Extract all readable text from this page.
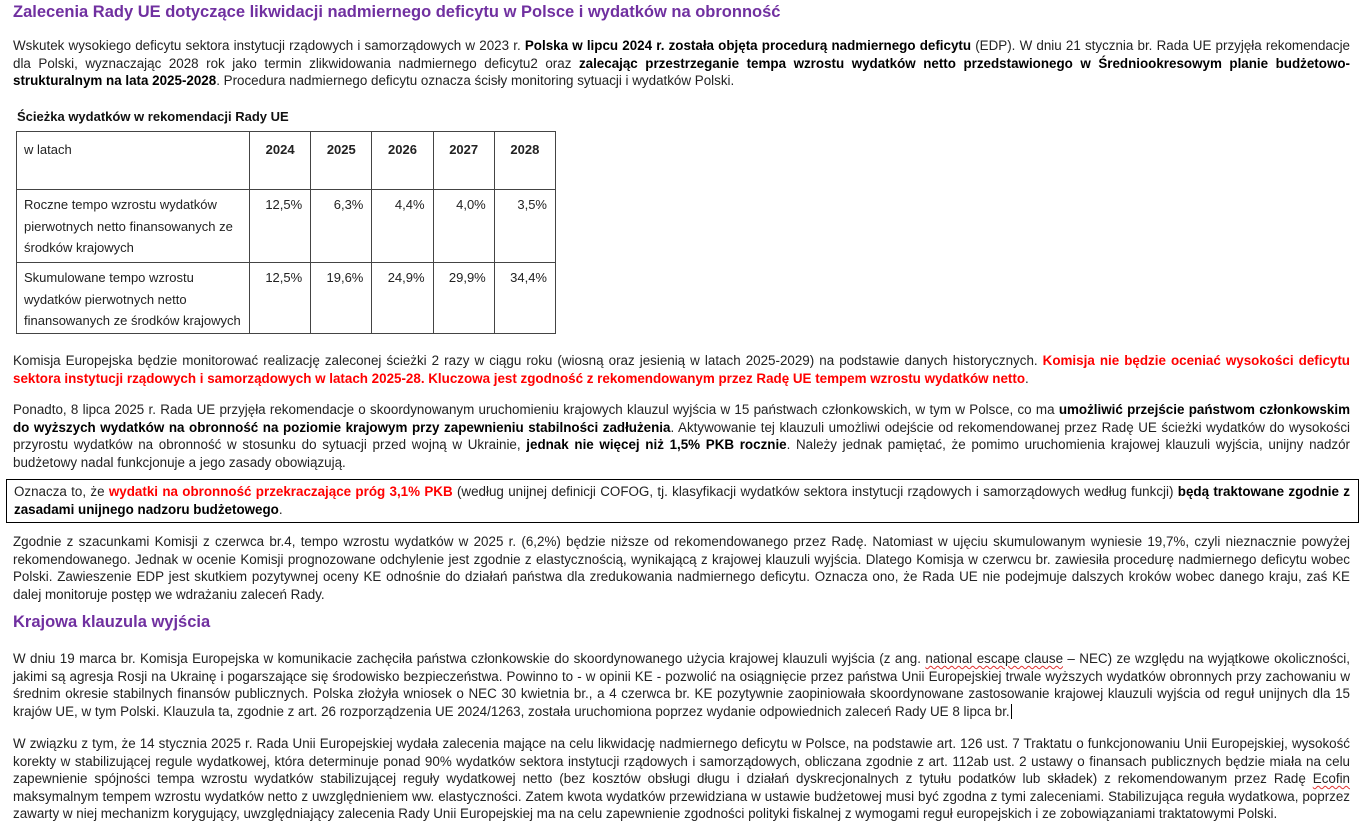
Zalecenia Rady UE dotyczące likwidacji nadmiernego deficytu w Polsce i wydatków na obronność

Wskutek wysokiego deficytu sektora instytucji rządowych i samorządowych w 2023 r. Polska w lipcu 2024 r. została objęta procedurą nadmiernego deficytu (EDP). W dniu 21 stycznia br. Rada UE przyjęła rekomendacje dla Polski, wyznaczając 2028 rok jako termin zlikwidowania nadmiernego deficytu2 oraz zalecając przestrzeganie tempa wzrostu wydatków netto przedstawionego w Średniookresowym planie budżetowo-strukturalnym na lata 2025-2028. Procedura nadmiernego deficytu oznacza ścisły monitoring sytuacji i wydatków Polski.

Ścieżka wydatków w rekomendacji Rady UE
w latach	2024	2025	2026	2027	2028

Roczne tempo wzrostu wydatków pierwotnych netto finansowanych ze środków krajowych	12,5%	6,3%	4,4%	4,0%	3,5%

Skumulowane tempo wzrostu wydatków pierwotnych netto finansowanych ze środków krajowych	12,5%	19,6%	24,9%	29,9%	34,4%

Komisja Europejska będzie monitorować realizację zaleconej ścieżki 2 razy w ciągu roku (wiosną oraz jesienią w latach 2025-2029) na podstawie danych historycznych. Komisja nie będzie oceniać wysokości deficytu sektora instytucji rządowych i samorządowych w latach 2025-28. Kluczowa jest zgodność z rekomendowanym przez Radę UE tempem wzrostu wydatków netto.

Ponadto, 8 lipca 2025 r. Rada UE przyjęła rekomendacje o skoordynowanym uruchomieniu krajowych klauzul wyjścia w 15 państwach członkowskich, w tym w Polsce, co ma umożliwić przejście państwom członkowskim do wyższych wydatków na obronność na poziomie krajowym przy zapewnieniu stabilności zadłużenia. Aktywowanie tej klauzuli umożliwi odejście od rekomendowanej przez Radę UE ścieżki wydatków do wysokości przyrostu wydatków na obronność w stosunku do sytuacji przed wojną w Ukrainie, jednak nie więcej niż 1,5% PKB rocznie. Należy jednak pamiętać, że pomimo uruchomienia krajowej klauzuli wyjścia, unijny nadzór budżetowy nadal funkcjonuje a jego zasady obowiązują.

Oznacza to, że wydatki na obronność przekraczające próg 3,1% PKB (według unijnej definicji COFOG, tj. klasyfikacji wydatków sektora instytucji rządowych i samorządowych według funkcji) będą traktowane zgodnie z zasadami unijnego nadzoru budżetowego.

Zgodnie z szacunkami Komisji z czerwca br.4, tempo wzrostu wydatków w 2025 r. (6,2%) będzie niższe od rekomendowanego przez Radę. Natomiast w ujęciu skumulowanym wyniesie 19,7%, czyli nieznacznie powyżej rekomendowanego. Jednak w ocenie Komisji prognozowane odchylenie jest zgodnie z elastycznością, wynikającą z krajowej klauzuli wyjścia. Dlatego Komisja w czerwcu br. zawiesiła procedurę nadmiernego deficytu wobec Polski. Zawieszenie EDP jest skutkiem pozytywnej oceny KE odnośnie do działań państwa dla zredukowania nadmiernego deficytu. Oznacza ono, że Rada UE nie podejmuje dalszych kroków wobec danego kraju, zaś KE dalej monitoruje postęp we wdrażaniu zaleceń Rady.

Krajowa klauzula wyjścia

W dniu 19 marca br. Komisja Europejska w komunikacie zachęciła państwa członkowskie do skoordynowanego użycia krajowej klauzuli wyjścia (z ang. national escape clause – NEC) ze względu na wyjątkowe okoliczności, jakimi są agresja Rosji na Ukrainę i pogarszające się środowisko bezpieczeństwa. Powinno to - w opinii KE - pozwolić na osiągnięcie przez państwa Unii Europejskiej trwale wyższych wydatków obronnych przy zachowaniu w średnim okresie stabilnych finansów publicznych. Polska złożyła wniosek o NEC 30 kwietnia br., a 4 czerwca br. KE pozytywnie zaopiniowała skoordynowane zastosowanie krajowej klauzuli wyjścia od reguł unijnych dla 15 krajów UE, w tym Polski. Klauzula ta, zgodnie z art. 26 rozporządzenia UE 2024/1263, została uruchomiona poprzez wydanie odpowiednich zaleceń Rady UE 8 lipca br.

W związku z tym, że 14 stycznia 2025 r. Rada Unii Europejskiej wydała zalecenia mające na celu likwidację nadmiernego deficytu w Polsce, na podstawie art. 126 ust. 7 Traktatu o funkcjonowaniu Unii Europejskiej, wysokość korekty w stabilizującej regule wydatkowej, która determinuje ponad 90% wydatków sektora instytucji rządowych i samorządowych, obliczana zgodnie z art. 112ab ust. 2 ustawy o finansach publicznych będzie miała na celu zapewnienie spójności tempa wzrostu wydatków stabilizującej reguły wydatkowej netto (bez kosztów obsługi długu i działań dyskrecjonalnych z tytułu podatków lub składek) z rekomendowanym przez Radę Ecofin maksymalnym tempem wzrostu wydatków netto z uwzględnieniem ww. elastyczności. Zatem kwota wydatków przewidziana w ustawie budżetowej musi być zgodna z tymi zaleceniami. Stabilizująca reguła wydatkowa, poprzez zawarty w niej mechanizm korygujący, uwzględniający zalecenia Rady Unii Europejskiej ma na celu zapewnienie zgodności polityki fiskalnej z wymogami reguł europejskich i ze zobowiązaniami traktatowymi Polski.
